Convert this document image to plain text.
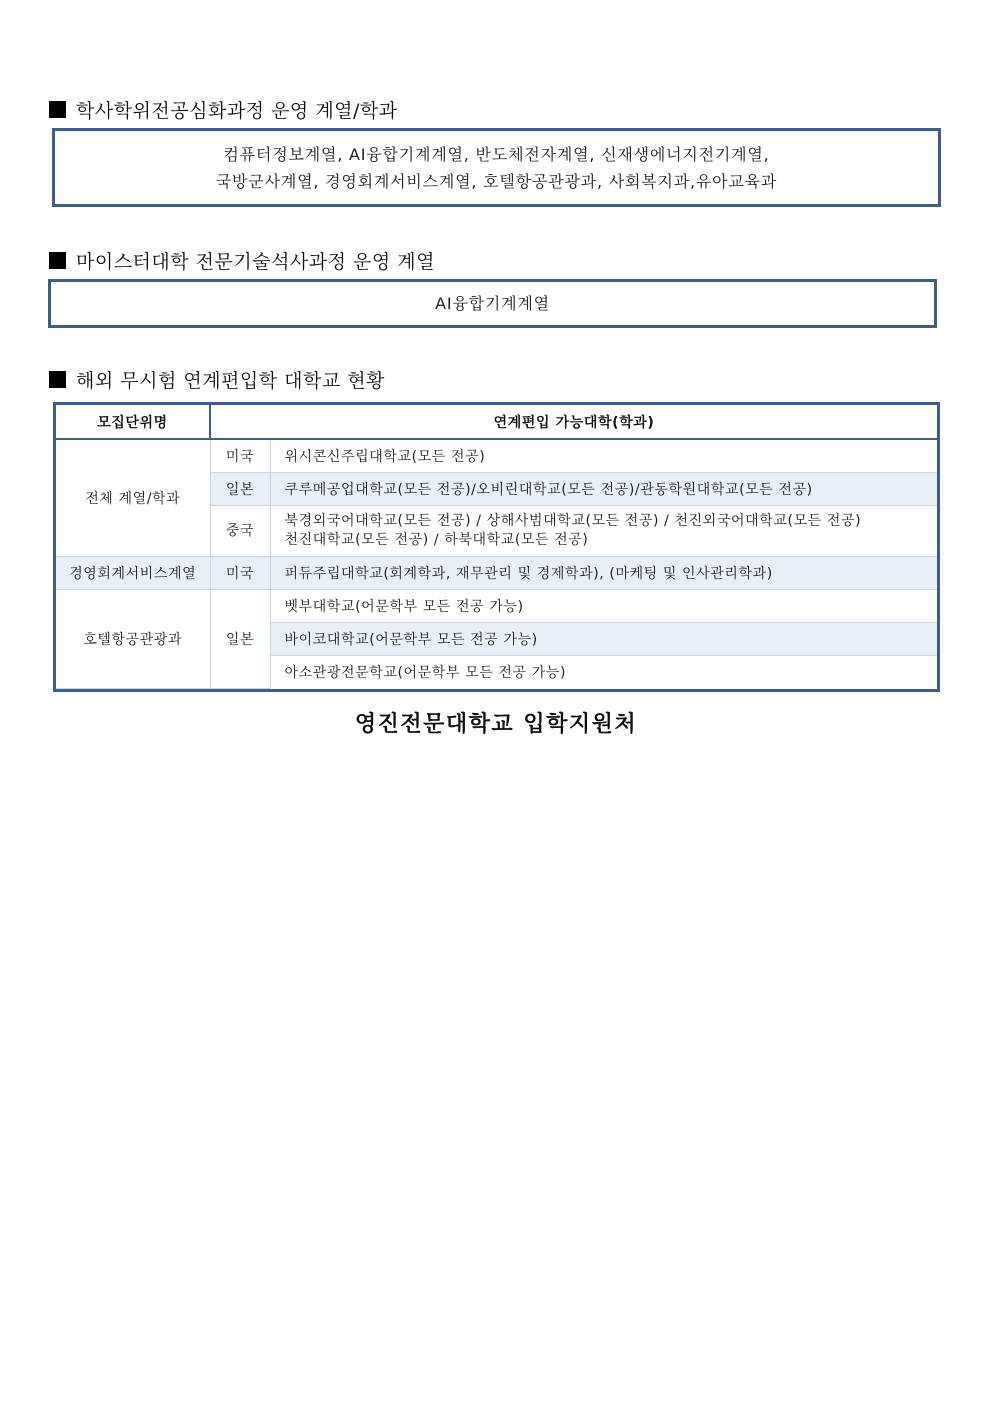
학사학위전공심화과정 운영 계열/학과
컴퓨터정보계열, AI융합기계계열, 반도체전자계열, 신재생에너지전기계열,
국방군사계열, 경영회계서비스계열, 호텔항공관광과, 사회복지과,유아교육과
마이스터대학 전문기술석사과정 운영 계열
AI융합기계계열
해외 무시험 연계편입학 대학교 현황
모집단위명	연계편입 가능대학(학과)	
전체 계열/학과	미국	위시콘신주립대학교(모든 전공)
	일본	쿠루메공업대학교(모든 전공)/오비린대학교(모든 전공)/관동학원대학교(모든 전공)
	중국	북경외국어대학교(모든 전공) / 상해사범대학교(모든 전공) / 천진외국어대학교(모든 전공)
천진대학교(모든 전공) / 하북대학교(모든 전공)

경영회계서비스계열	미국	퍼듀주립대학교(회계학과, 재무관리 및 경제학과), (마케팅 및 인사관리학과)
호텔항공관광과	일본	벳부대학교(어문학부 모든 전공 가능)
		바이코대학교(어문학부 모든 전공 가능)
		아소관광전문학교(어문학부 모든 전공 가능)
영진전문대학교 입학지원처
